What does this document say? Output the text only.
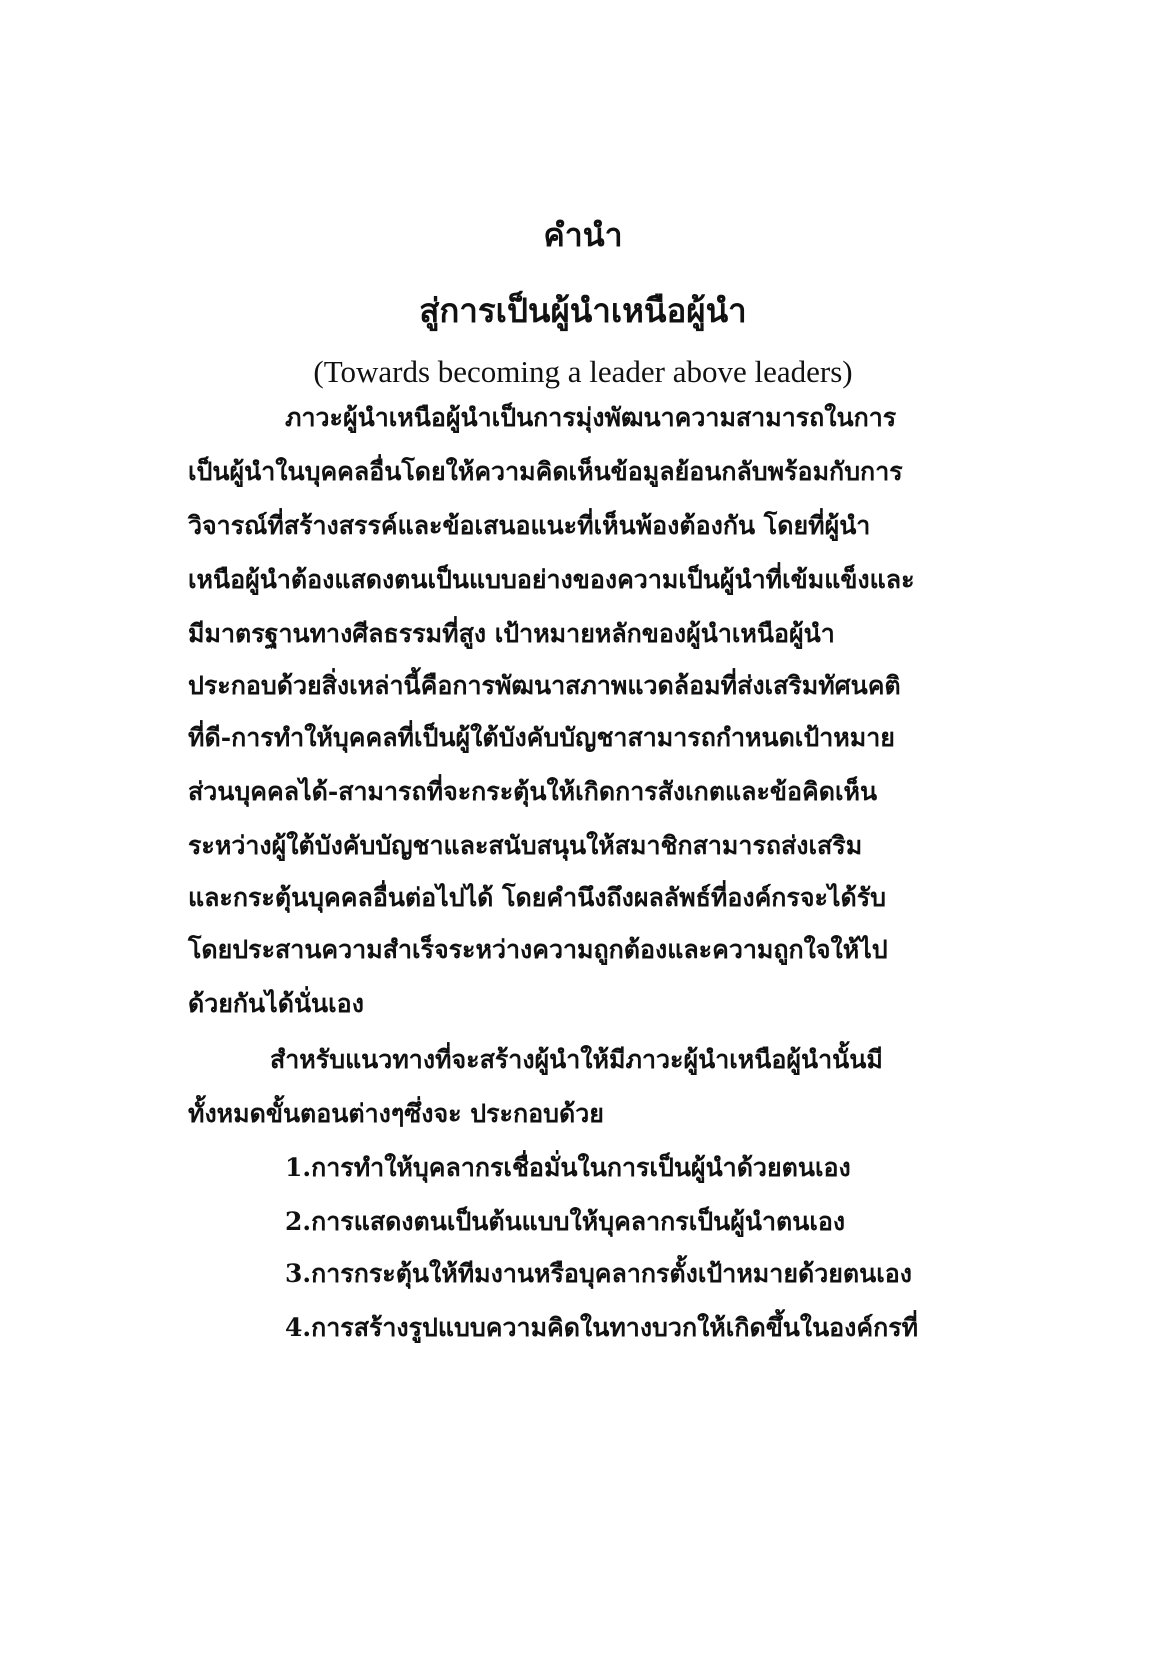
คำนำ
สู่การเป็นผู้นำเหนือผู้นำ
(Towards becoming a leader above leaders)
ภาวะผู้นำเหนือผู้นำเป็นการมุ่งพัฒนาความสามารถในการ
เป็นผู้นำในบุคคลอื่นโดยให้ความคิดเห็นข้อมูลย้อนกลับพร้อมกับการ
วิจารณ์ที่สร้างสรรค์และข้อเสนอแนะที่เห็นพ้องต้องกัน โดยที่ผู้นำ
เหนือผู้นำต้องแสดงตนเป็นแบบอย่างของความเป็นผู้นำที่เข้มแข็งและ
มีมาตรฐานทางศีลธรรมที่สูง เป้าหมายหลักของผู้นำเหนือผู้นำ
ประกอบด้วยสิ่งเหล่านี้คือการพัฒนาสภาพแวดล้อมที่ส่งเสริมทัศนคติ
ที่ดี-การทำให้บุคคลที่เป็นผู้ใต้บังคับบัญชาสามารถกำหนดเป้าหมาย
ส่วนบุคคลได้-สามารถที่จะกระตุ้นให้เกิดการสังเกตและข้อคิดเห็น
ระหว่างผู้ใต้บังคับบัญชาและสนับสนุนให้สมาชิกสามารถส่งเสริม
และกระตุ้นบุคคลอื่นต่อไปได้ โดยคำนึงถึงผลลัพธ์ที่องค์กรจะได้รับ
โดยประสานความสำเร็จระหว่างความถูกต้องและความถูกใจให้ไป
ด้วยกันได้นั่นเอง
สำหรับแนวทางที่จะสร้างผู้นำให้มีภาวะผู้นำเหนือผู้นำนั้นมี
ทั้งหมดขั้นตอนต่างๆซึ่งจะ ประกอบด้วย
1.การทำให้บุคลากรเชื่อมั่นในการเป็นผู้นำด้วยตนเอง
2.การแสดงตนเป็นต้นแบบให้บุคลากรเป็นผู้นำตนเอง
3.การกระตุ้นให้ทีมงานหรือบุคลากรตั้งเป้าหมายด้วยตนเอง
4.การสร้างรูปแบบความคิดในทางบวกให้เกิดขึ้นในองค์กรที่
